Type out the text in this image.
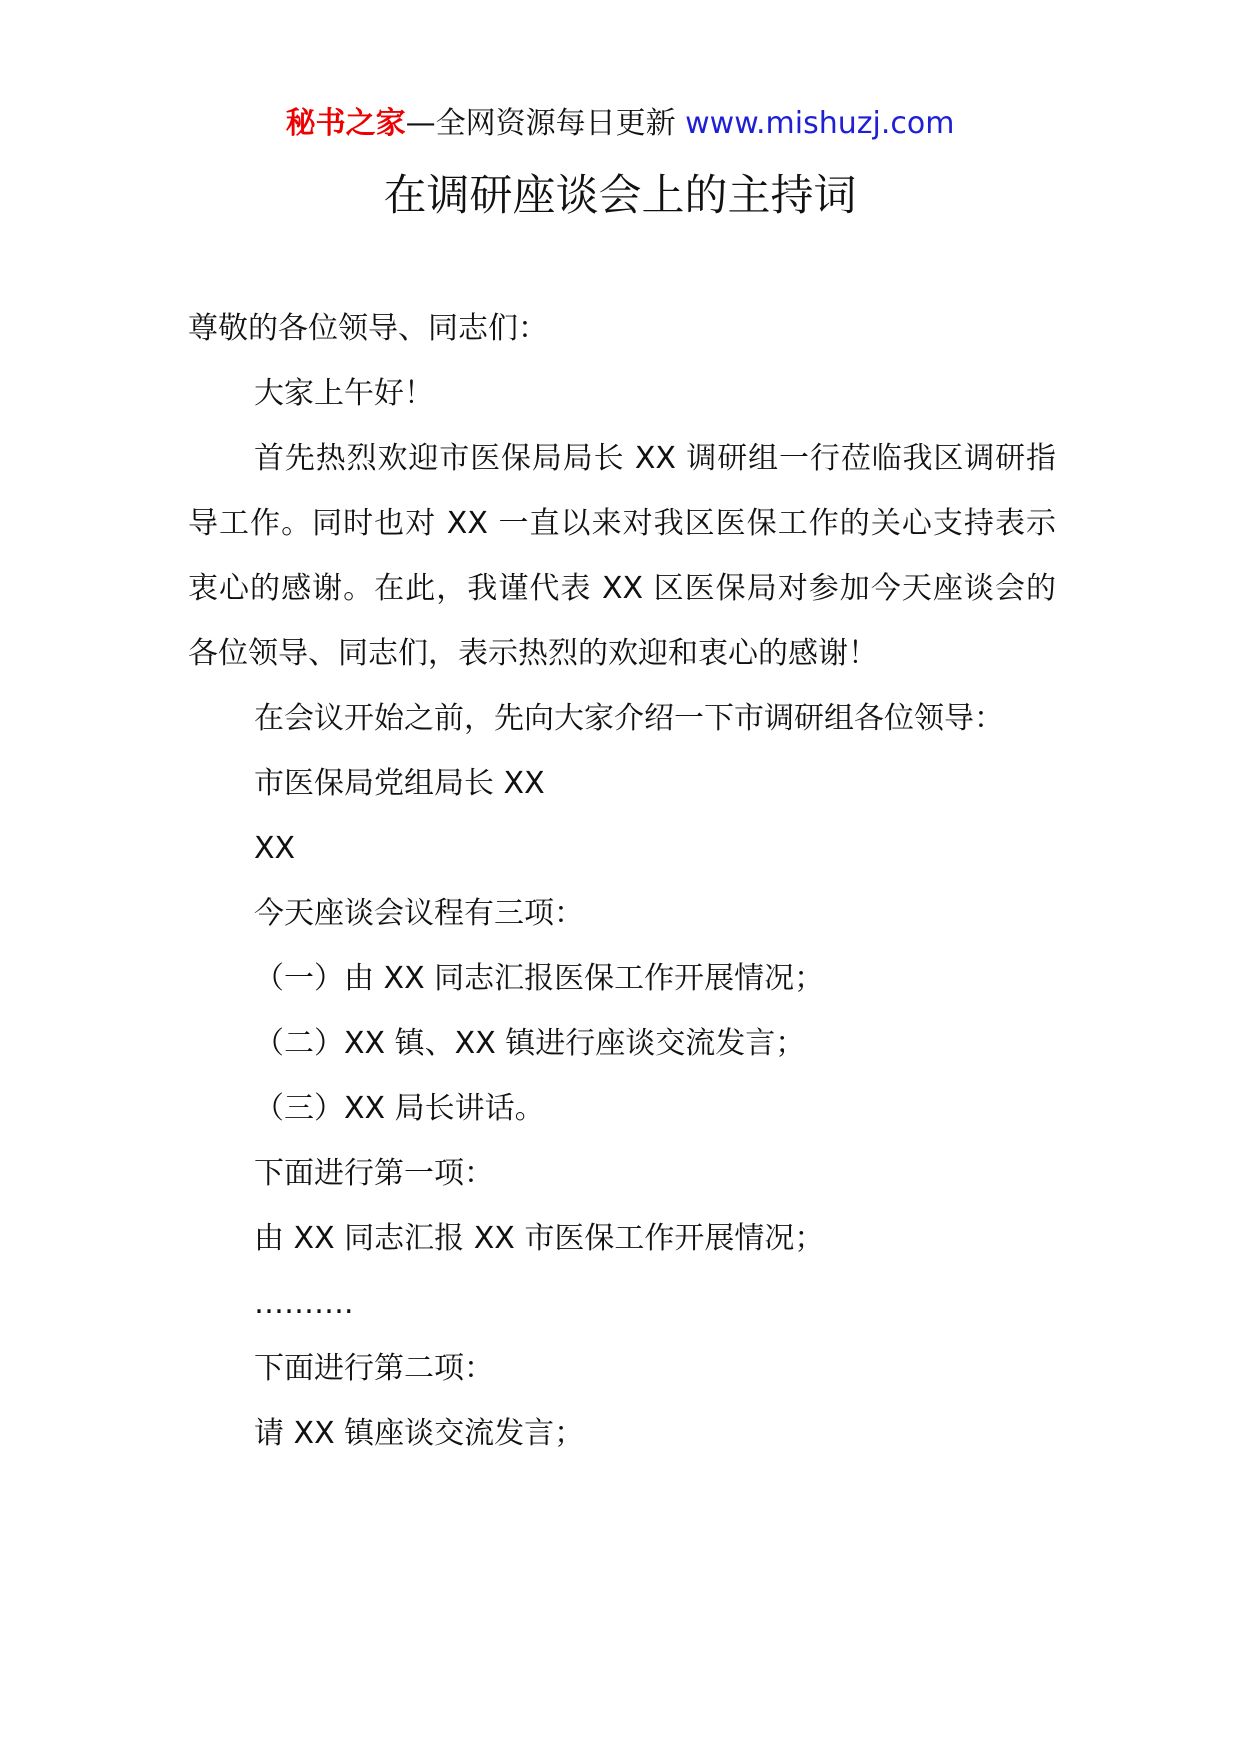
秘书之家—全网资源每日更新 www.mishuzj.com
在调研座谈会上的主持词

尊敬的各位领导、同志们：

大家上午好！

首先热烈欢迎市医保局局长 XX 调研组一行莅临我区调研指导工作。同时也对 XX 一直以来对我区医保工作的关心支持表示衷心的感谢。在此，我谨代表 XX 区医保局对参加今天座谈会的各位领导、同志们，表示热烈的欢迎和衷心的感谢！

在会议开始之前，先向大家介绍一下市调研组各位领导：

市医保局党组局长 XX

XX

今天座谈会议程有三项：

（一）由 XX 同志汇报医保工作开展情况；

（二）XX 镇、XX 镇进行座谈交流发言；

（三）XX 局长讲话。

下面进行第一项：

由 XX 同志汇报 XX 市医保工作开展情况；

……….

下面进行第二项：

请 XX 镇座谈交流发言；
